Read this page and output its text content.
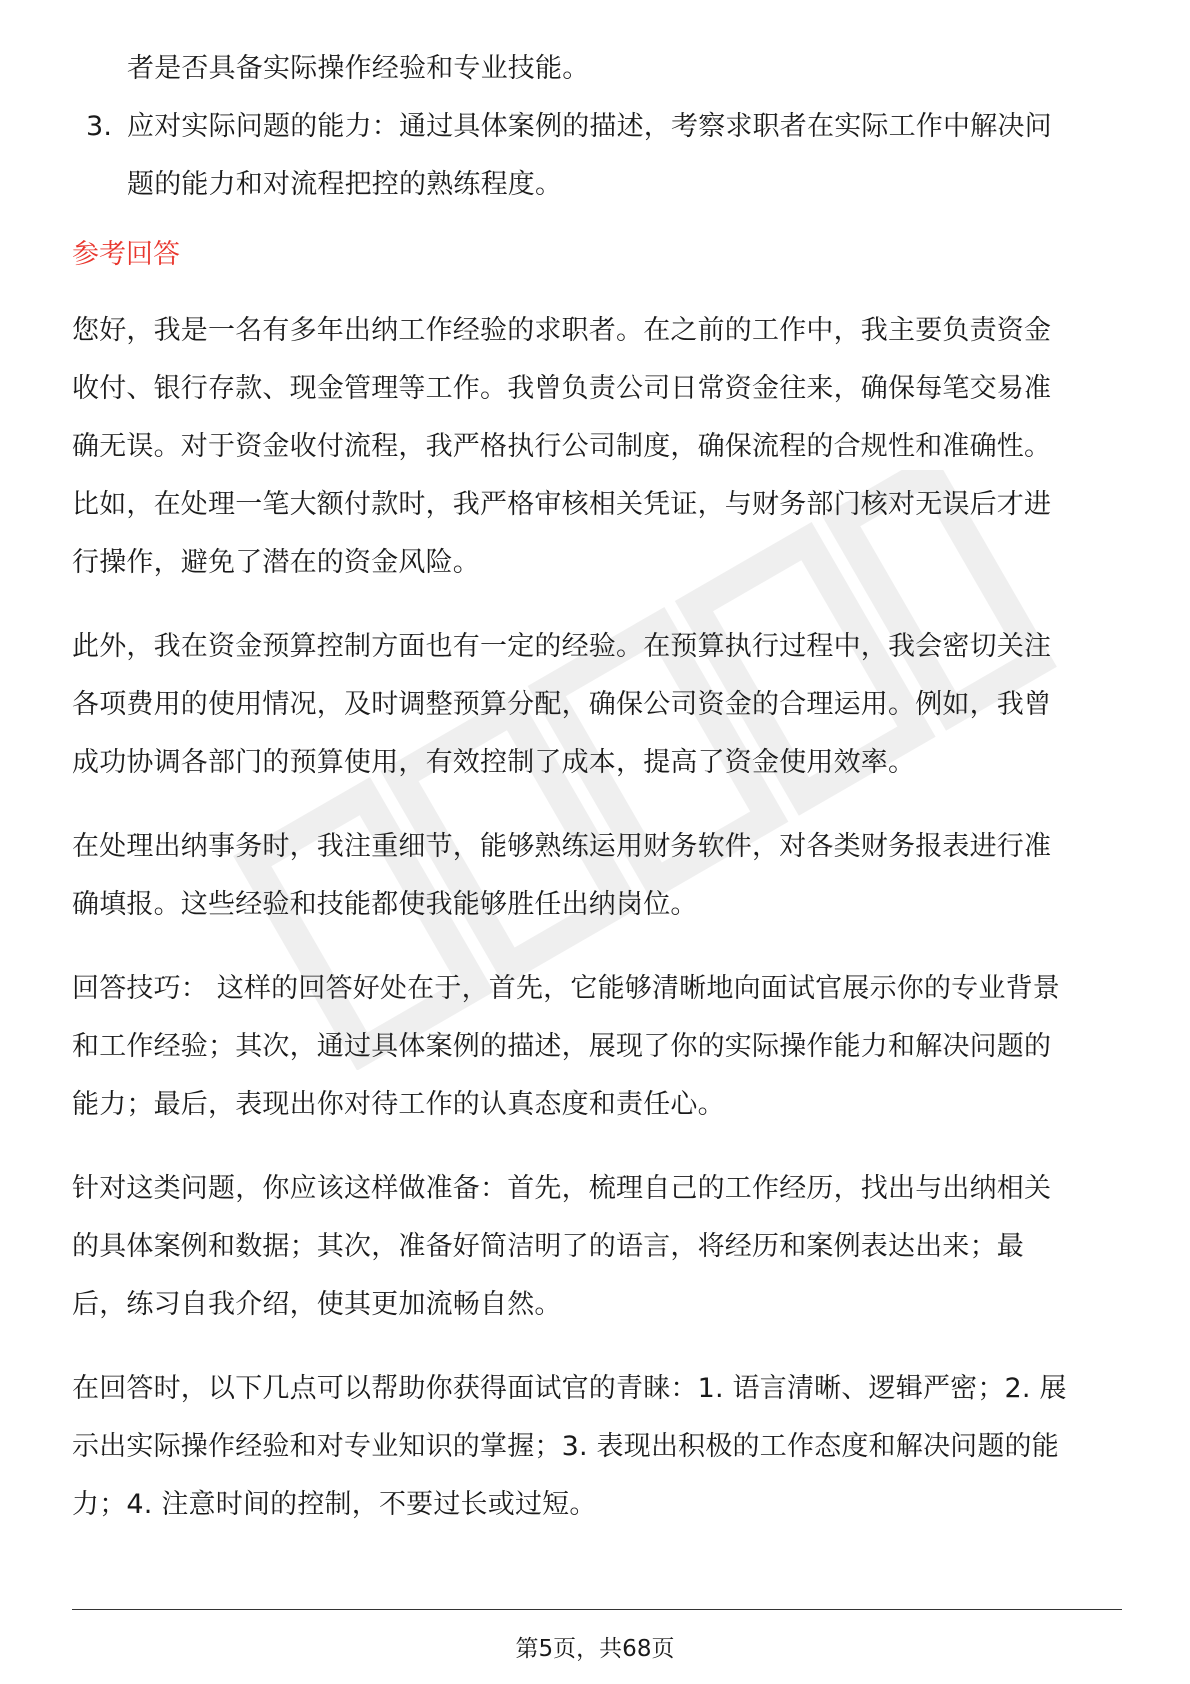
者是否具备实际操作经验和专业技能。
3. 应对实际问题的能力：通过具体案例的描述，考察求职者在实际工作中解决问
题的能力和对流程把控的熟练程度。
参考回答
您好，我是一名有多年出纳工作经验的求职者。在之前的工作中，我主要负责资金
收付、银行存款、现金管理等工作。我曾负责公司日常资金往来，确保每笔交易准
确无误。对于资金收付流程，我严格执行公司制度，确保流程的合规性和准确性。
比如，在处理一笔大额付款时，我严格审核相关凭证，与财务部门核对无误后才进
行操作，避免了潜在的资金风险。
此外，我在资金预算控制方面也有一定的经验。在预算执行过程中，我会密切关注
各项费用的使用情况，及时调整预算分配，确保公司资金的合理运用。例如，我曾
成功协调各部门的预算使用，有效控制了成本，提高了资金使用效率。
在处理出纳事务时，我注重细节，能够熟练运用财务软件，对各类财务报表进行准
确填报。这些经验和技能都使我能够胜任出纳岗位。
回答技巧： 这样的回答好处在于，首先，它能够清晰地向面试官展示你的专业背景
和工作经验；其次，通过具体案例的描述，展现了你的实际操作能力和解决问题的
能力；最后，表现出你对待工作的认真态度和责任心。
针对这类问题，你应该这样做准备：首先，梳理自己的工作经历，找出与出纳相关
的具体案例和数据；其次，准备好简洁明了的语言，将经历和案例表达出来；最
后，练习自我介绍，使其更加流畅自然。
在回答时，以下几点可以帮助你获得面试官的青睐：1. 语言清晰、逻辑严密；2. 展
示出实际操作经验和对专业知识的掌握；3. 表现出积极的工作态度和解决问题的能
力；4. 注意时间的控制，不要过长或过短。
第5页，共68页
